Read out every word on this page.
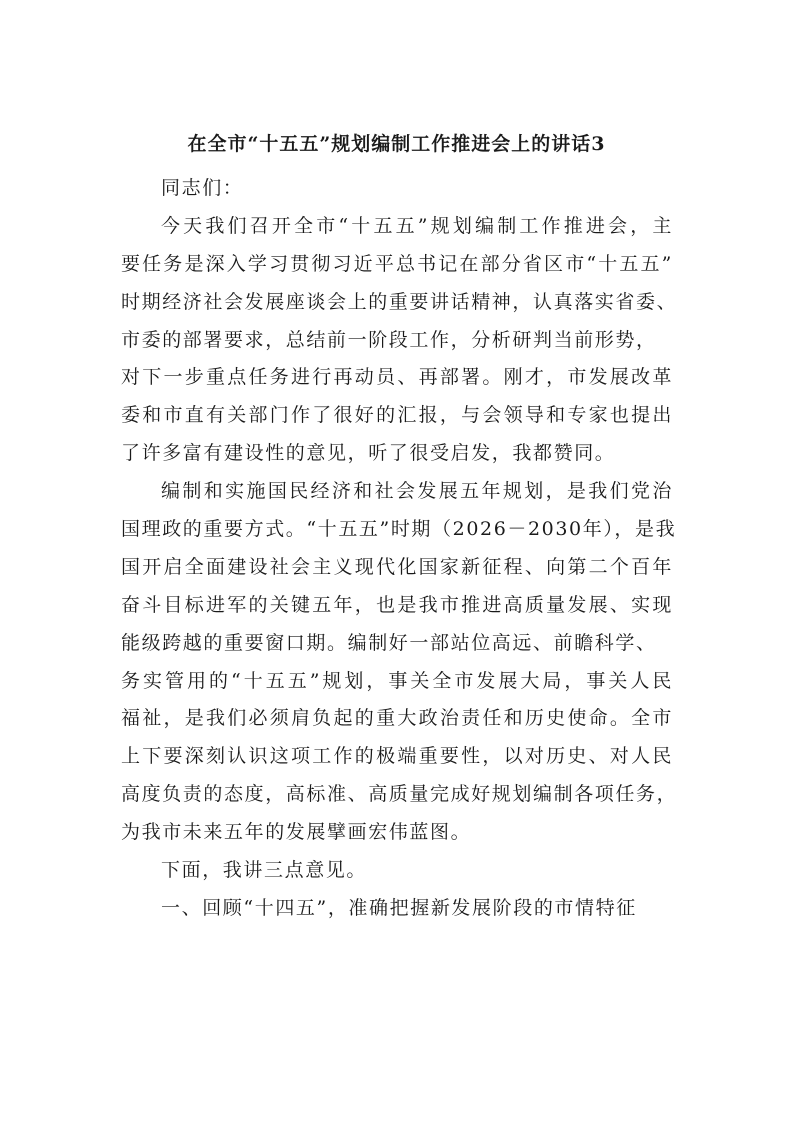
在全市“十五五”规划编制工作推进会上的讲话3
同志们：
今天我们召开全市“十五五”规划编制工作推进会，主
要任务是深入学习贯彻习近平总书记在部分省区市“十五五”
时期经济社会发展座谈会上的重要讲话精神，认真落实省委、
市委的部署要求，总结前一阶段工作，分析研判当前形势，
对下一步重点任务进行再动员、再部署。刚才，市发展改革
委和市直有关部门作了很好的汇报，与会领导和专家也提出
了许多富有建设性的意见，听了很受启发，我都赞同。
编制和实施国民经济和社会发展五年规划，是我们党治
国理政的重要方式。“十五五”时期（2026－2030年），是我
国开启全面建设社会主义现代化国家新征程、向第二个百年
奋斗目标进军的关键五年，也是我市推进高质量发展、实现
能级跨越的重要窗口期。编制好一部站位高远、前瞻科学、
务实管用的“十五五”规划，事关全市发展大局，事关人民
福祉，是我们必须肩负起的重大政治责任和历史使命。全市
上下要深刻认识这项工作的极端重要性，以对历史、对人民
高度负责的态度，高标准、高质量完成好规划编制各项任务，
为我市未来五年的发展擘画宏伟蓝图。
下面，我讲三点意见。
一、回顾“十四五”，准确把握新发展阶段的市情特征
